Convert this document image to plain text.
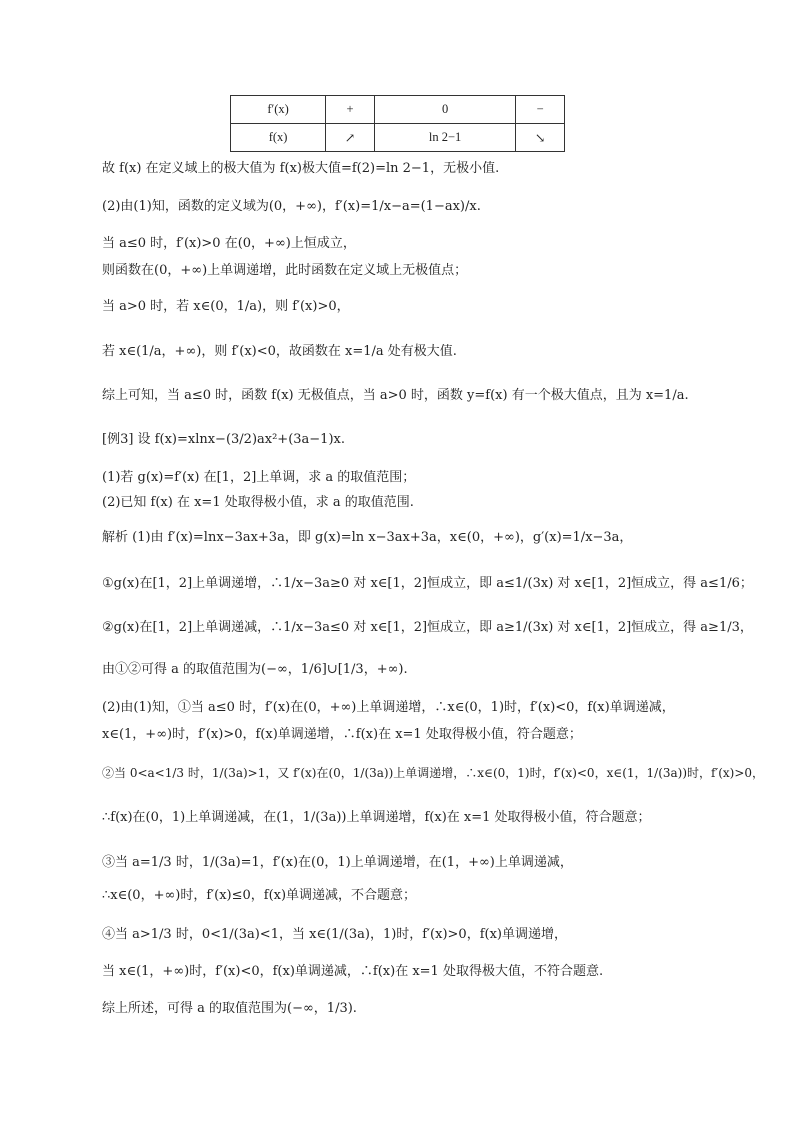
f′(x)	+	0	−
f(x)	↗	ln 2−1	↘
故 f(x) 在定义域上的极大值为 f(x)极大值=f(2)=ln 2−1，无极小值.
(2)由(1)知，函数的定义域为(0，+∞)，f′(x)=1/x−a=(1−ax)/x.
当 a≤0 时，f′(x)>0 在(0，+∞)上恒成立，
则函数在(0，+∞)上单调递增，此时函数在定义域上无极值点；
当 a>0 时，若 x∈(0，1/a)，则 f′(x)>0，
若 x∈(1/a，+∞)，则 f′(x)<0，故函数在 x=1/a 处有极大值.
综上可知，当 a≤0 时，函数 f(x) 无极值点，当 a>0 时，函数 y=f(x) 有一个极大值点，且为 x=1/a.
[例3] 设 f(x)=xlnx−(3/2)ax²+(3a−1)x.
(1)若 g(x)=f′(x) 在[1，2]上单调，求 a 的取值范围；
(2)已知 f(x) 在 x=1 处取得极小值，求 a 的取值范围.
解析 (1)由 f′(x)=lnx−3ax+3a，即 g(x)=ln x−3ax+3a，x∈(0，+∞)，g′(x)=1/x−3a，
①g(x)在[1，2]上单调递增，∴1/x−3a≥0 对 x∈[1，2]恒成立，即 a≤1/(3x) 对 x∈[1，2]恒成立，得 a≤1/6；
②g(x)在[1，2]上单调递减，∴1/x−3a≤0 对 x∈[1，2]恒成立，即 a≥1/(3x) 对 x∈[1，2]恒成立，得 a≥1/3，
由①②可得 a 的取值范围为(−∞，1/6]∪[1/3，+∞).
(2)由(1)知，①当 a≤0 时，f′(x)在(0，+∞)上单调递增，∴x∈(0，1)时，f′(x)<0，f(x)单调递减，
x∈(1，+∞)时，f′(x)>0，f(x)单调递增，∴f(x)在 x=1 处取得极小值，符合题意；
②当 0<a<1/3 时，1/(3a)>1，又 f′(x)在(0，1/(3a))上单调递增，∴x∈(0，1)时，f′(x)<0，x∈(1，1/(3a))时，f′(x)>0，
∴f(x)在(0，1)上单调递减，在(1，1/(3a))上单调递增，f(x)在 x=1 处取得极小值，符合题意；
③当 a=1/3 时，1/(3a)=1，f′(x)在(0，1)上单调递增，在(1，+∞)上单调递减，
∴x∈(0，+∞)时，f′(x)≤0，f(x)单调递减，不合题意；
④当 a>1/3 时，0<1/(3a)<1，当 x∈(1/(3a)，1)时，f′(x)>0，f(x)单调递增，
当 x∈(1，+∞)时，f′(x)<0，f(x)单调递减，∴f(x)在 x=1 处取得极大值，不符合题意.
综上所述，可得 a 的取值范围为(−∞，1/3).
